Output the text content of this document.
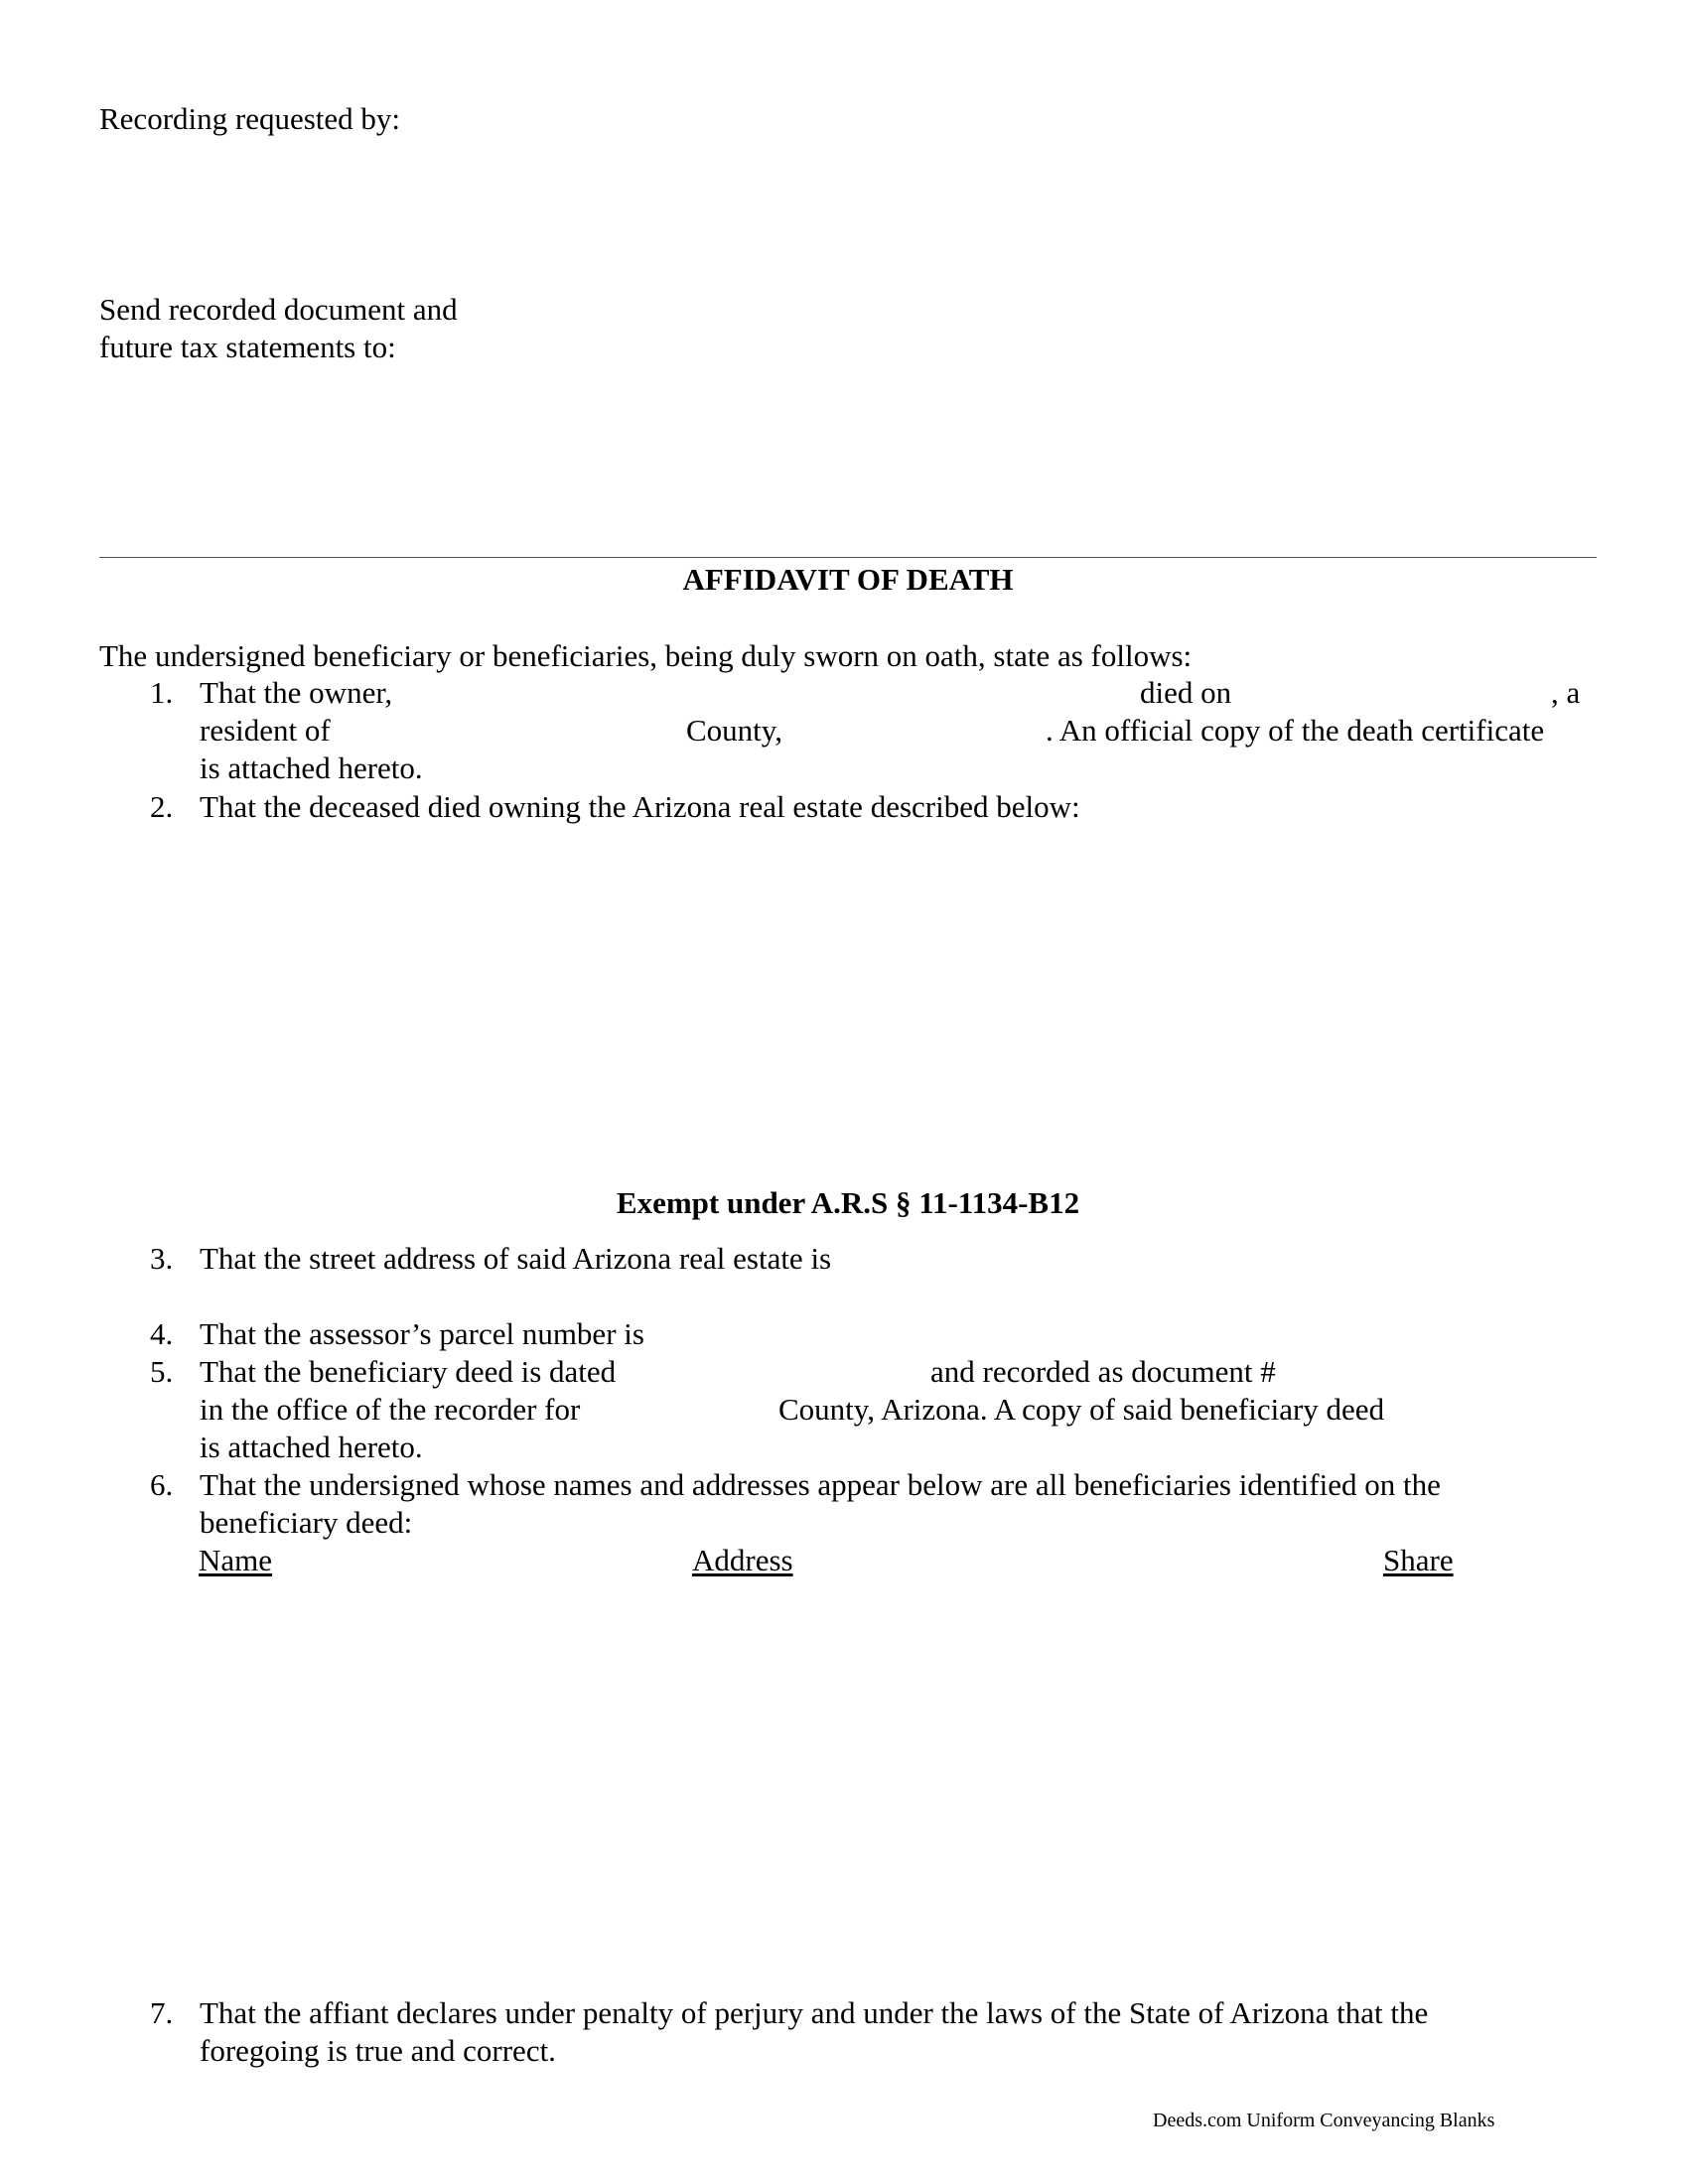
Recording requested by:
Send recorded document and
future tax statements to:
AFFIDAVIT OF DEATH
The undersigned beneficiary or beneficiaries, being duly sworn on oath, state as follows:
1. That the owner,	died on	, a
resident of	County,	. An official copy of the death certificate
is attached hereto.
2. That the deceased died owning the Arizona real estate described below:
Exempt under A.R.S § 11-1134-B12
3. That the street address of said Arizona real estate is
4. That the assessor’s parcel number is
5. That the beneficiary deed is dated	and recorded as document #
in the office of the recorder for	County, Arizona. A copy of said beneficiary deed
is attached hereto.
6. That the undersigned whose names and addresses appear below are all beneficiaries identified on the
beneficiary deed:
Name	Address	Share
7. That the affiant declares under penalty of perjury and under the laws of the State of Arizona that the
foregoing is true and correct.
Deeds.com Uniform Conveyancing Blanks
